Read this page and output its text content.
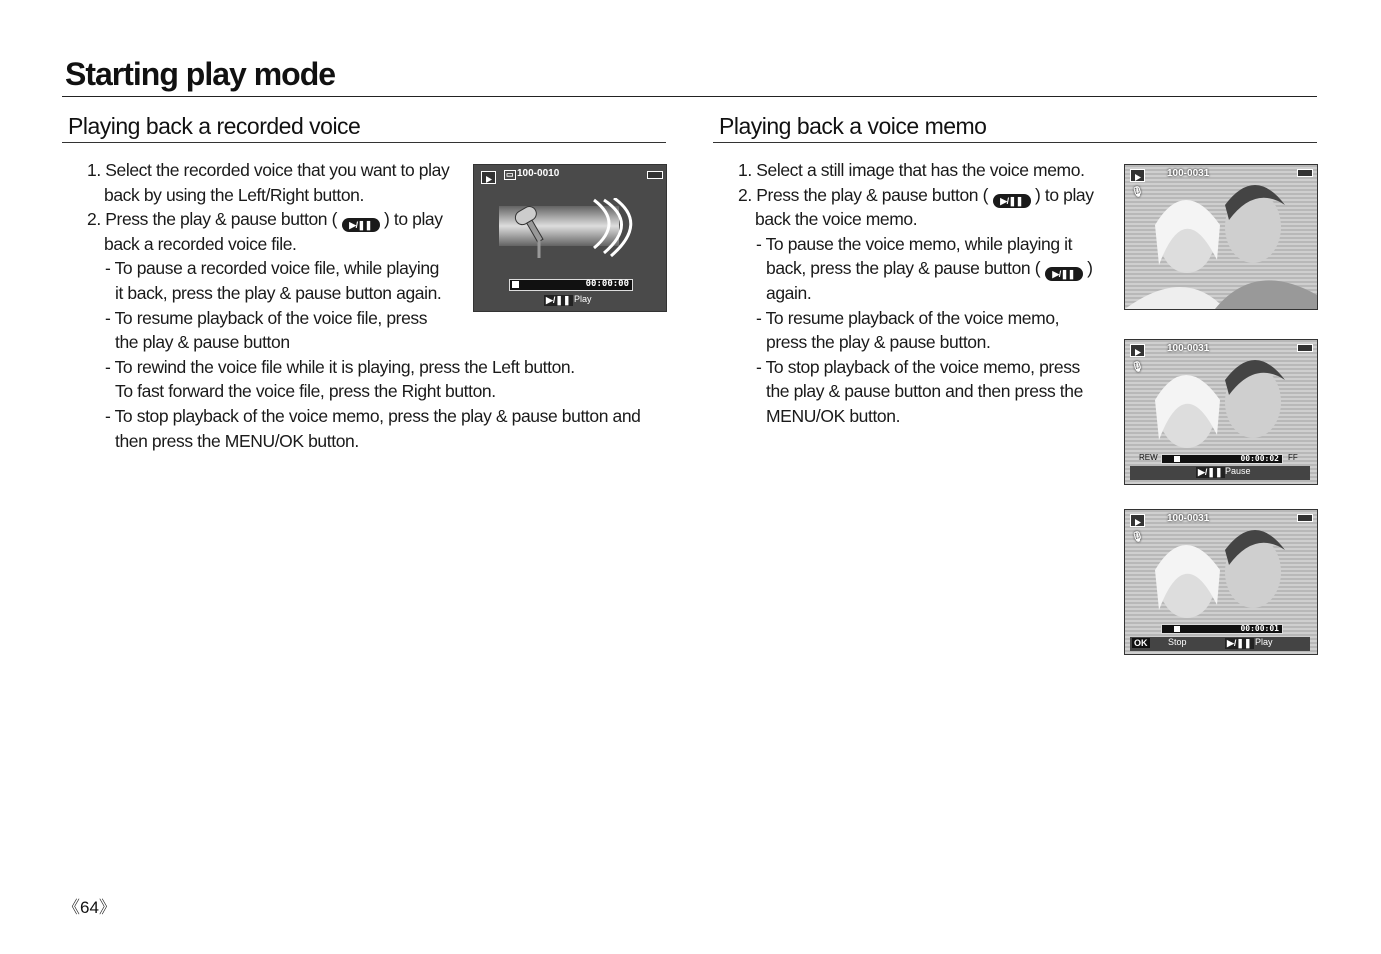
Starting play mode
Playing back a recorded voice
1. Select the recorded voice that you want to play
back by using the Left/Right button.
2. Press the play & pause button ( ▶/❚❚ ) to play
back a recorded voice file.
- To pause a recorded voice file, while playing
it back, press the play & pause button again.
- To resume playback of the voice file, press
the play & pause button
- To rewind the voice file while it is playing, press the Left button.
To fast forward the voice file, press the Right button.
- To stop playback of the voice memo, press the play & pause button and
then press the MENU/OK button.
▭ 100-0010
00:00:00
▶/❚❚ Play
Playing back a voice memo
1. Select a still image that has the voice memo.
2. Press the play & pause button ( ▶/❚❚ ) to play
back the voice memo.
- To pause the voice memo, while playing it
back, press the play & pause button ( ▶/❚❚ )
again.
- To resume playback of the voice memo,
press the play & pause button.
- To stop playback of the voice memo, press
the play & pause button and then press the
MENU/OK button.
100-0031
🎙
100-0031
🎙
REW	00:00:02 FF
▶/❚❚ Pause
100-0031
🎙
00:00:01
OK Stop	▶/❚❚ Play
《64》
